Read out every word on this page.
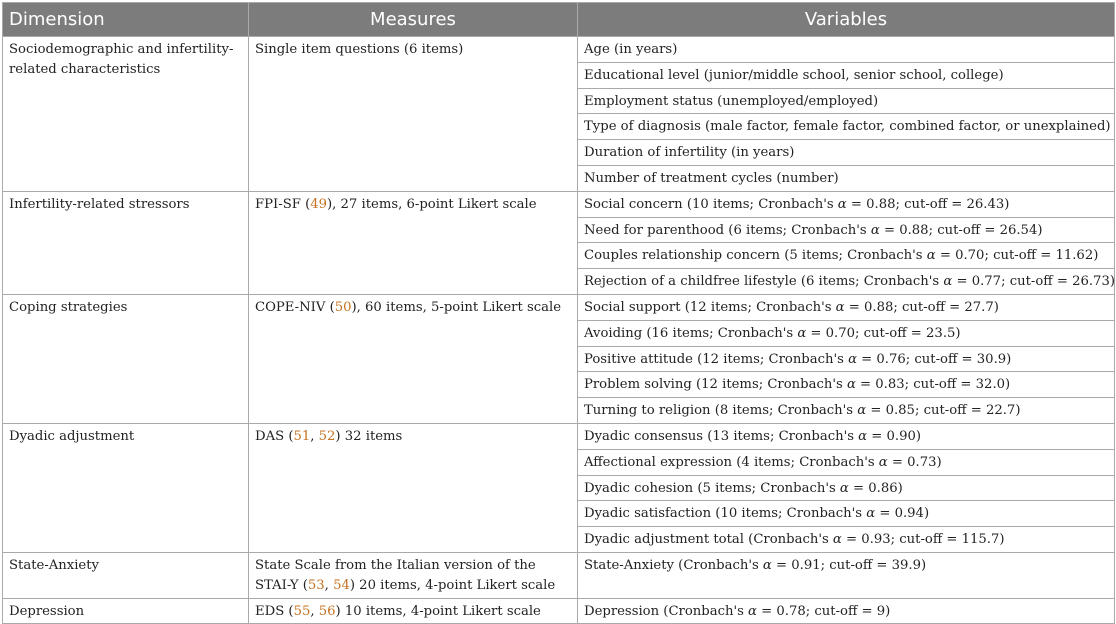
Dimension	Measures	Variables
Sociodemographic and infertility-related characteristics	Single item questions (6 items)	Age (in years)
		Educational level (junior/middle school, senior school, college)
		Employment status (unemployed/employed)
		Type of diagnosis (male factor, female factor, combined factor, or unexplained)
		Duration of infertility (in years)
		Number of treatment cycles (number)
Infertility-related stressors	FPI-SF (49), 27 items, 6-point Likert scale	Social concern (10 items; Cronbach's α = 0.88; cut-off = 26.43)
		Need for parenthood (6 items; Cronbach's α = 0.88; cut-off = 26.54)
		Couples relationship concern (5 items; Cronbach's α = 0.70; cut-off = 11.62)
		Rejection of a childfree lifestyle (6 items; Cronbach's α = 0.77; cut-off = 26.73)
Coping strategies	COPE-NIV (50), 60 items, 5-point Likert scale	Social support (12 items; Cronbach's α = 0.88; cut-off = 27.7)
		Avoiding (16 items; Cronbach's α = 0.70; cut-off = 23.5)
		Positive attitude (12 items; Cronbach's α = 0.76; cut-off = 30.9)
		Problem solving (12 items; Cronbach's α = 0.83; cut-off = 32.0)
		Turning to religion (8 items; Cronbach's α = 0.85; cut-off = 22.7)
Dyadic adjustment	DAS (51, 52) 32 items	Dyadic consensus (13 items; Cronbach's α = 0.90)
		Affectional expression (4 items; Cronbach's α = 0.73)
		Dyadic cohesion (5 items; Cronbach's α = 0.86)
		Dyadic satisfaction (10 items; Cronbach's α = 0.94)
		Dyadic adjustment total (Cronbach's α = 0.93; cut-off = 115.7)
State-Anxiety	State Scale from the Italian version of the STAI-Y (53, 54) 20 items, 4-point Likert scale	State-Anxiety (Cronbach's α = 0.91; cut-off = 39.9)
Depression	EDS (55, 56) 10 items, 4-point Likert scale	Depression (Cronbach's α = 0.78; cut-off = 9)
